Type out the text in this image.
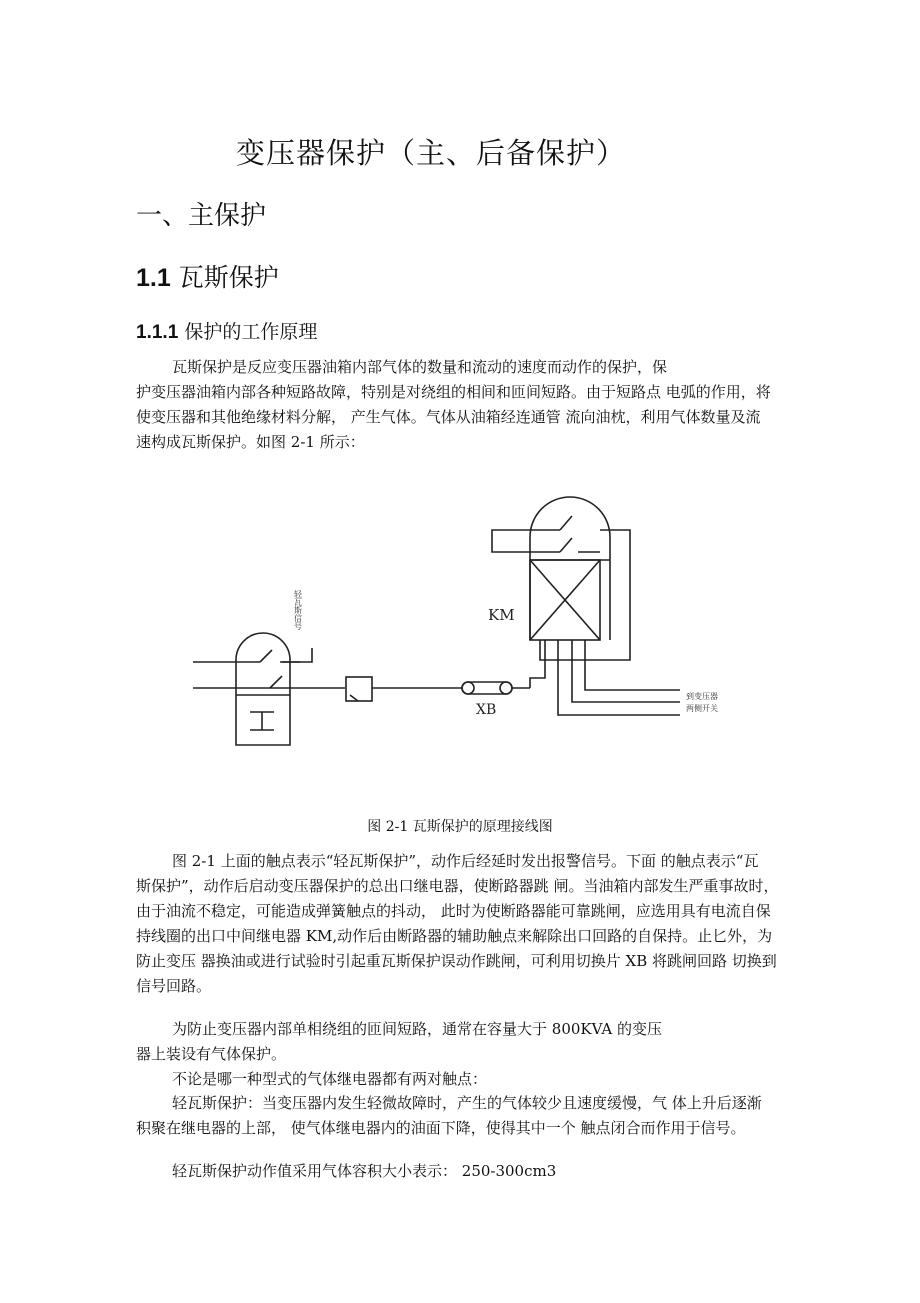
变压器保护（主、后备保护）
一、主保护
1.1 瓦斯保护
1.1.1 保护的工作原理
瓦斯保护是反应变压器油箱内部气体的数量和流动的速度而动作的保护，保
护变压器油箱内部各种短路故障，特别是对绕组的相间和匝间短路。由于短路点 电弧的作用，将
使变压器和其他绝缘材料分解， 产生气体。气体从油箱经连通管 流向油枕，利用气体数量及流
速构成瓦斯保护。如图 2-1 所示：
KM
XB
轻瓦斯信号
到变压器
两侧开关
工
图 2-1 瓦斯保护的原理接线图
图 2-1 上面的触点表示“轻瓦斯保护”，动作后经延时发出报警信号。下面 的触点表示“瓦
斯保护”，动作后启动变压器保护的总出口继电器，使断路器跳 闸。当油箱内部发生严重事故时，
由于油流不稳定，可能造成弹簧触点的抖动， 此时为使断路器能可靠跳闸，应选用具有电流自保
持线圈的出口中间继电器 KM,动作后由断路器的辅助触点来解除出口回路的自保持。止匕外，为
防止变压 器换油或进行试验时引起重瓦斯保护误动作跳闸，可利用切换片 XB 将跳闸回路 切换到
信号回路。
为防止变压器内部单相绕组的匝间短路，通常在容量大于 800KVA 的变压
器上装设有气体保护。
不论是哪一种型式的气体继电器都有两对触点：
轻瓦斯保护：当变压器内发生轻微故障时，产生的气体较少且速度缓慢，气 体上升后逐渐
积聚在继电器的上部， 使气体继电器内的油面下降，使得其中一个 触点闭合而作用于信号。
轻瓦斯保护动作值采用气体容积大小表示： 250-300cm3
